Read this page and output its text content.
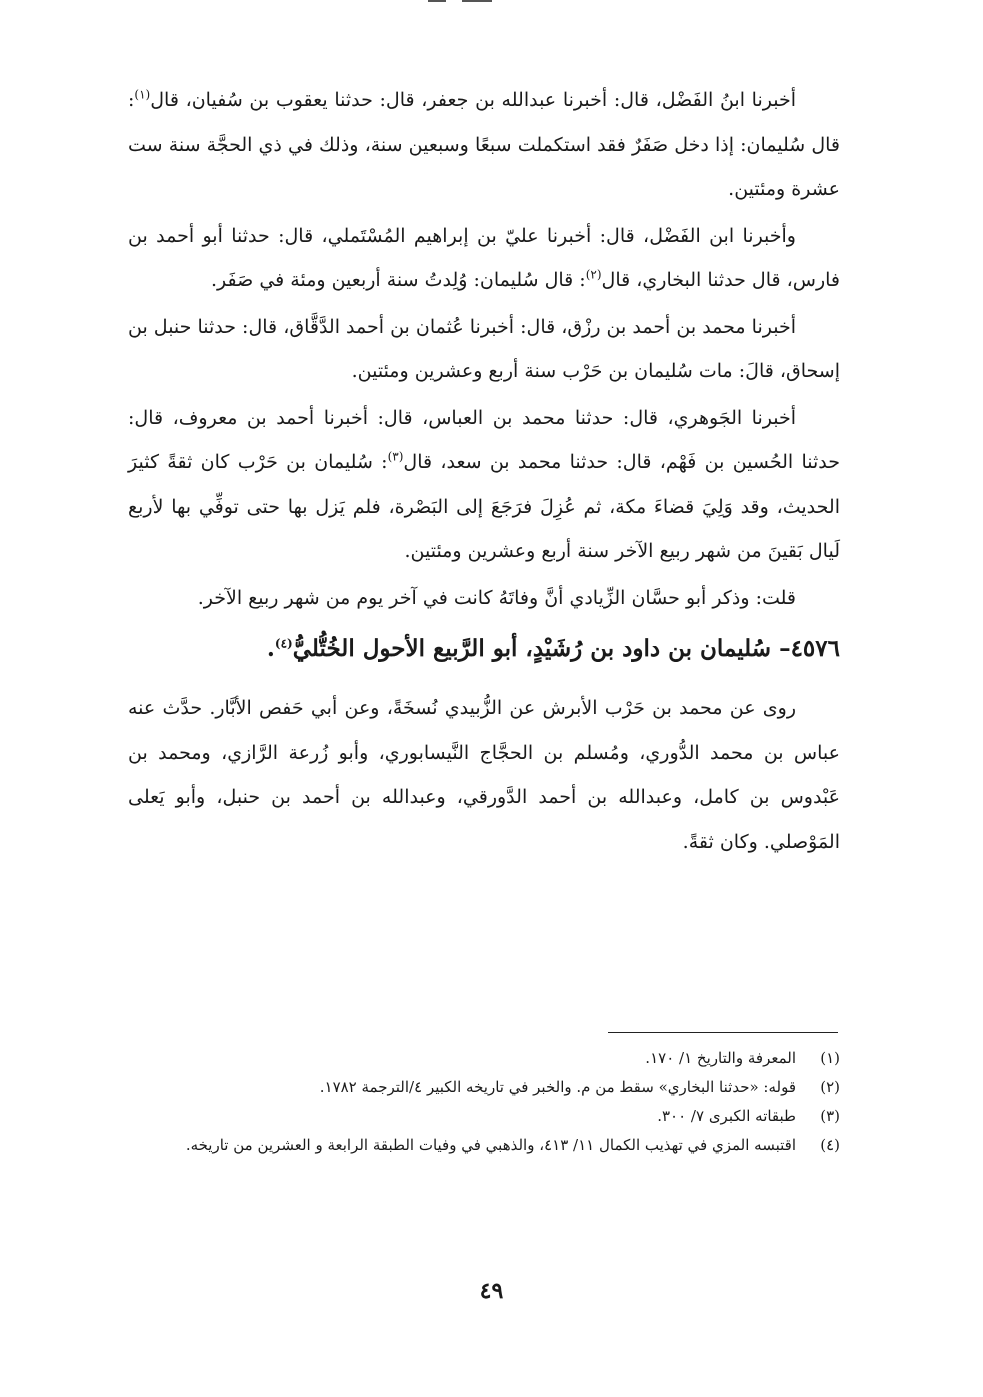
أخبرنا ابنُ الفَضْل، قال: أخبرنا عبدالله بن جعفر، قال: حدثنا يعقوب بن سُفيان، قال$^{(١)}$: قال سُليمان: إذا دخل صَفَرٌ فقد استكملت سبعًا وسبعين سنة، وذلك في ذي الحجَّة سنة ست عشرة ومئتين.

وأخبرنا ابن الفَضْل، قال: أخبرنا عليّ بن إبراهيم المُسْتَملي، قال: حدثنا أبو أحمد بن فارس، قال حدثنا البخاري، قال$^{(٢)}$: قال سُليمان: وُلِدتُ سنة أربعين ومئة في صَفَر.

أخبرنا محمد بن أحمد بن رزْق، قال: أخبرنا عُثمان بن أحمد الدَّقَّاق، قال: حدثنا حنبل بن إسحاق، قالَ: مات سُليمان بن حَرْب سنة أربع وعشرين ومئتين.

أخبرنا الجَوهري، قال: حدثنا محمد بن العباس، قال: أخبرنا أحمد بن معروف، قال: حدثنا الحُسين بن فَهْم، قال: حدثنا محمد بن سعد، قال$^{(٣)}$: سُليمان بن حَرْب كان ثقةً كثيرَ الحديث، وقد وَلِيَ قضاءَ مكة، ثم عُزِلَ فرَجَعَ إلى البَصْرة، فلم يَزل بها حتى توفِّي بها لأربع لَيال بَقينَ من شهر ربيع الآخر سنة أربع وعشرين ومئتين.

قلت: وذكر أبو حسَّان الزِّيادي أنَّ وفاتَهُ كانت في آخر يوم من شهر ربيع الآخر.

٤٥٧٦– سُليمان بن داود بن رُشَيْدٍ، أبو الرَّبيع الأحول الخُتُّليُّ$^{(٤)}$.

روى عن محمد بن حَرْب الأبرش عن الزُّبيدي نُسخَةً، وعن أبي حَفص الأبَّار. حدَّث عنه عباس بن محمد الدُّوري، ومُسلم بن الحجَّاج النَّيسابوري، وأبو زُرعة الرَّازي، ومحمد بن عَبْدوس بن كامل، وعبدالله بن أحمد الدَّورقي، وعبدالله بن أحمد بن حنبل، وأبو يَعلى المَوْصلي. وكان ثقةً.

(١)
المعرفة والتاريخ ١/ ١٧٠.
(٢)
قوله: «حدثنا البخاري» سقط من م. والخبر في تاريخه الكبير ٤/الترجمة ١٧٨٢.
(٣)
طبقاته الكبرى ٧/ ٣٠٠.
(٤)
اقتبسه المزي في تهذيب الكمال ١١/ ٤١٣، والذهبي في وفيات الطبقة الرابعة و العشرين من تاريخه.
٤٩
